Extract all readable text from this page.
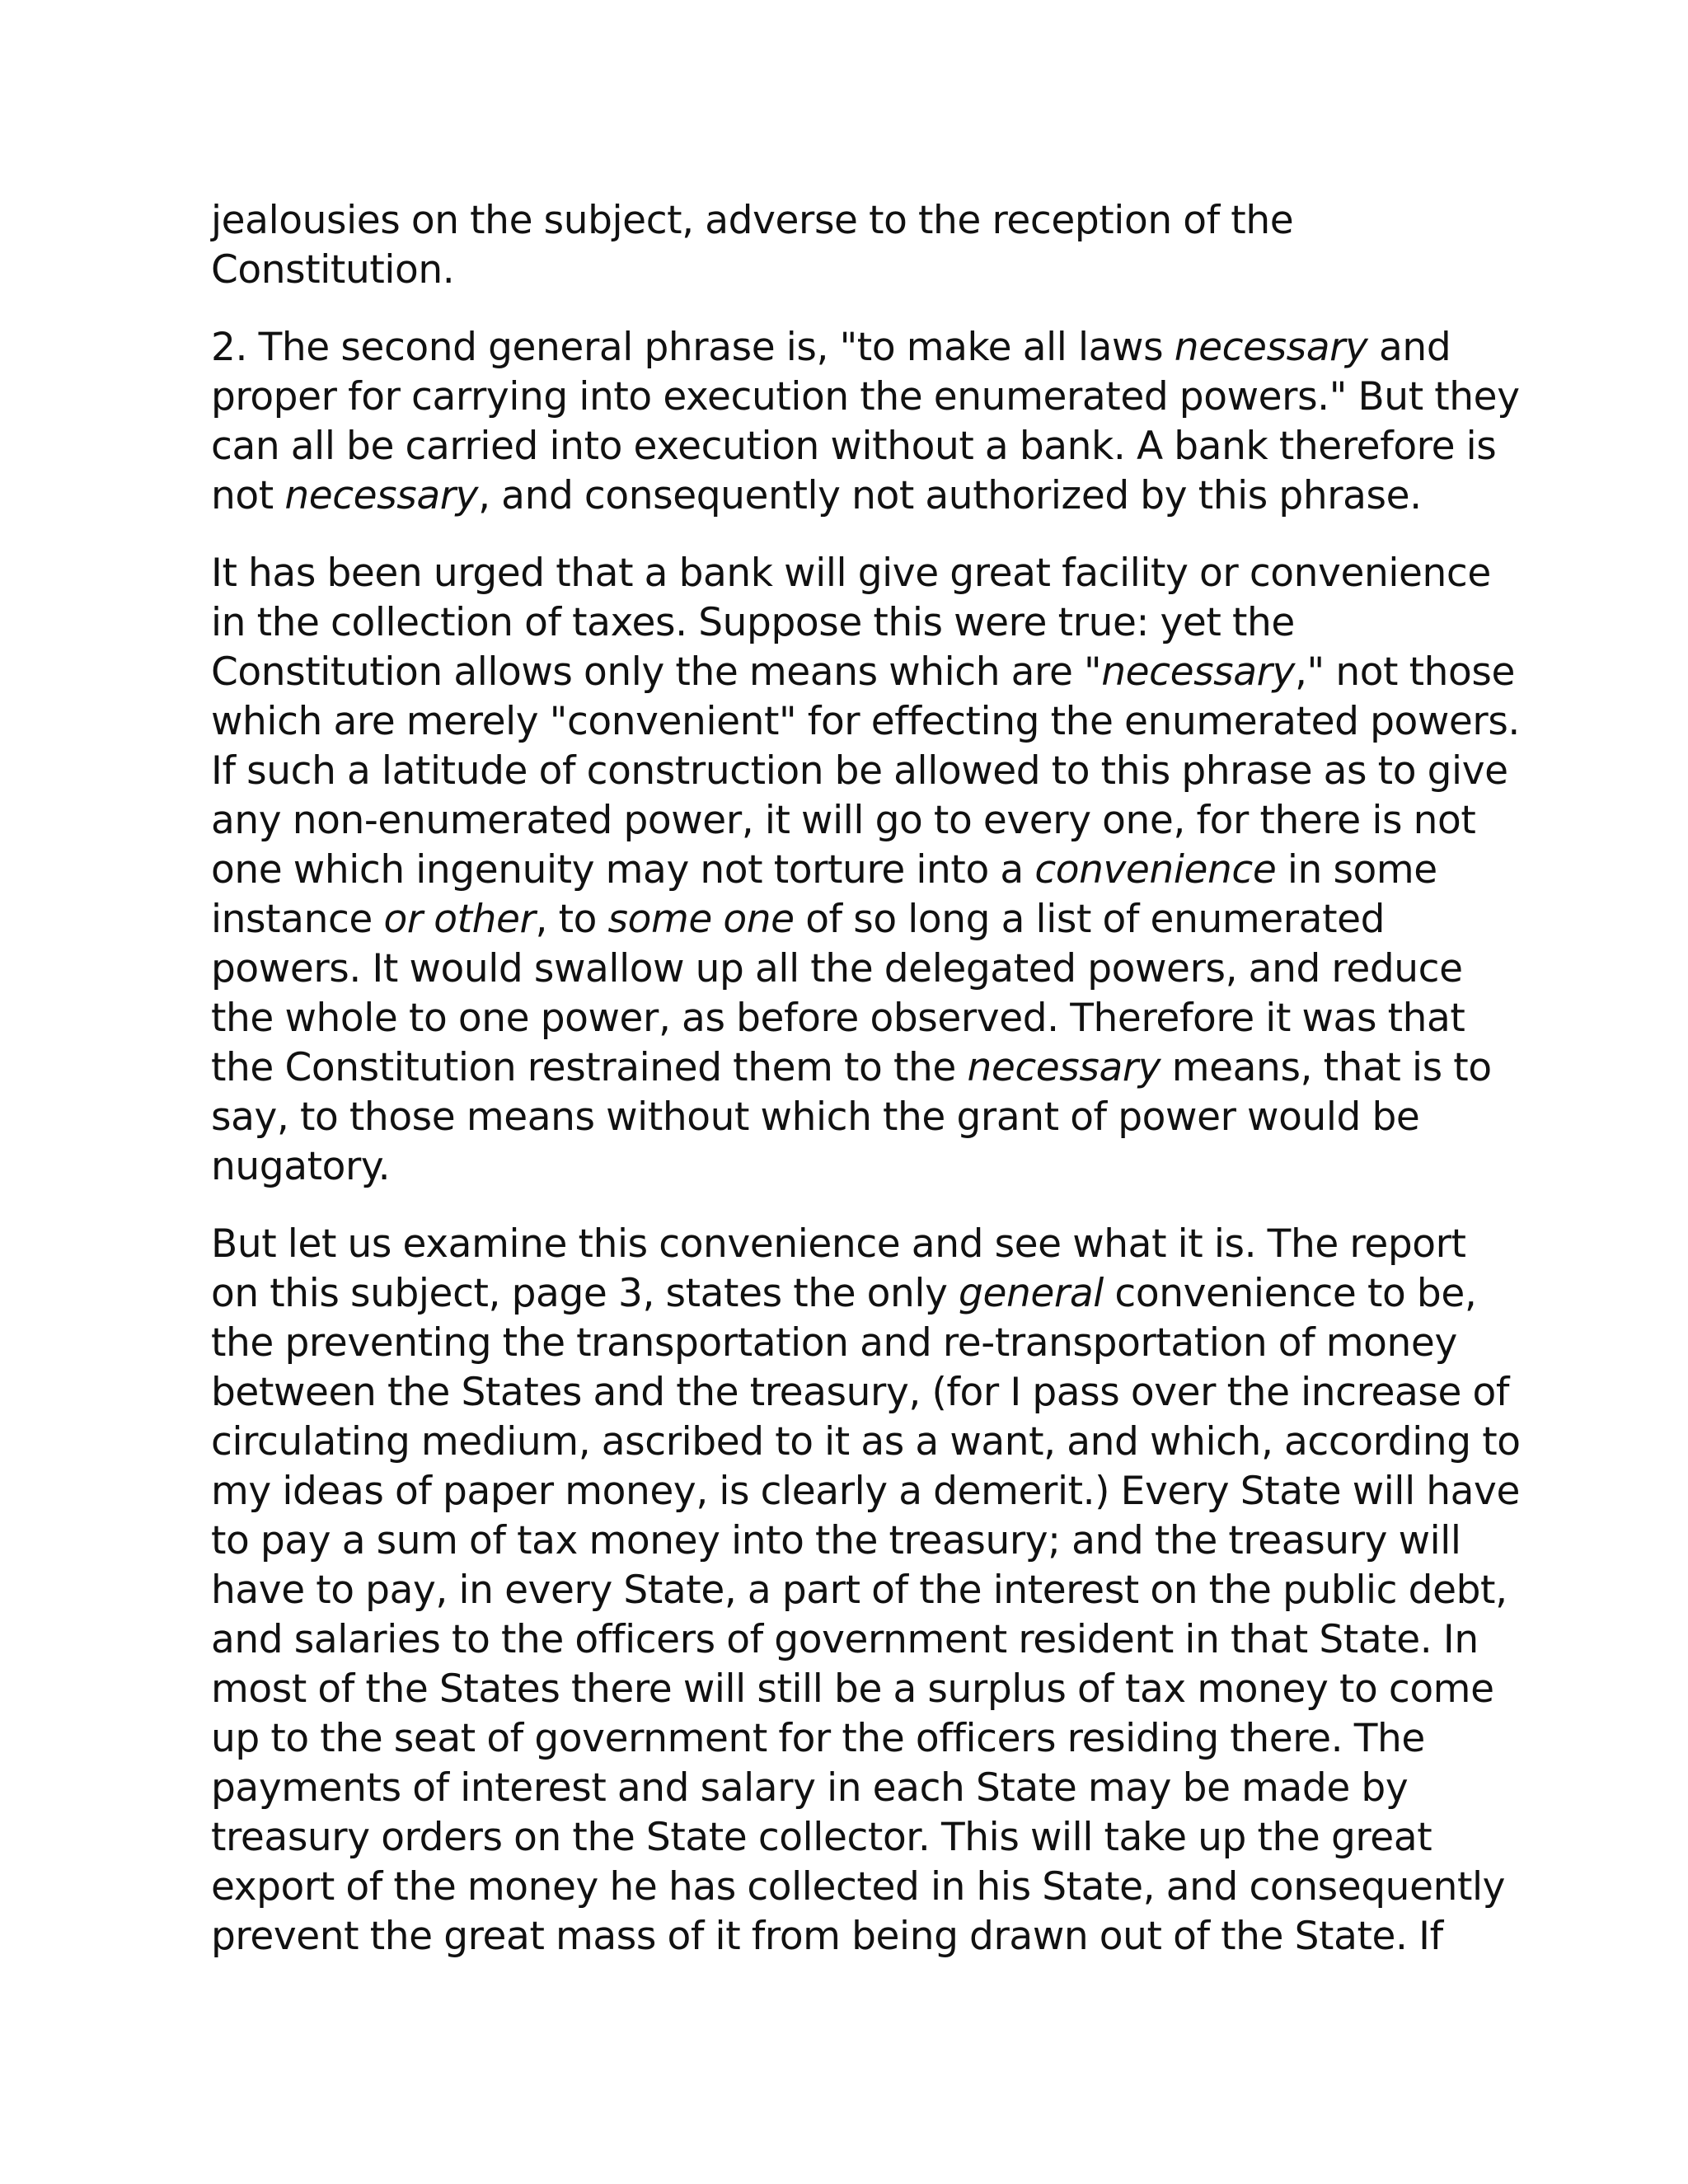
jealousies on the subject, adverse to the reception of the
Constitution.

2. The second general phrase is, "to make all laws necessary and
proper for carrying into execution the enumerated powers." But they
can all be carried into execution without a bank. A bank therefore is
not necessary, and consequently not authorized by this phrase.

It has been urged that a bank will give great facility or convenience
in the collection of taxes. Suppose this were true: yet the
Constitution allows only the means which are "necessary," not those
which are merely "convenient" for effecting the enumerated powers.
If such a latitude of construction be allowed to this phrase as to give
any non-enumerated power, it will go to every one, for there is not
one which ingenuity may not torture into a convenience in some
instance or other, to some one of so long a list of enumerated
powers. It would swallow up all the delegated powers, and reduce
the whole to one power, as before observed. Therefore it was that
the Constitution restrained them to the necessary means, that is to
say, to those means without which the grant of power would be
nugatory.

But let us examine this convenience and see what it is. The report
on this subject, page 3, states the only general convenience to be,
the preventing the transportation and re-transportation of money
between the States and the treasury, (for I pass over the increase of
circulating medium, ascribed to it as a want, and which, according to
my ideas of paper money, is clearly a demerit.) Every State will have
to pay a sum of tax money into the treasury; and the treasury will
have to pay, in every State, a part of the interest on the public debt,
and salaries to the officers of government resident in that State. In
most of the States there will still be a surplus of tax money to come
up to the seat of government for the officers residing there. The
payments of interest and salary in each State may be made by
treasury orders on the State collector. This will take up the great
export of the money he has collected in his State, and consequently
prevent the great mass of it from being drawn out of the State. If
